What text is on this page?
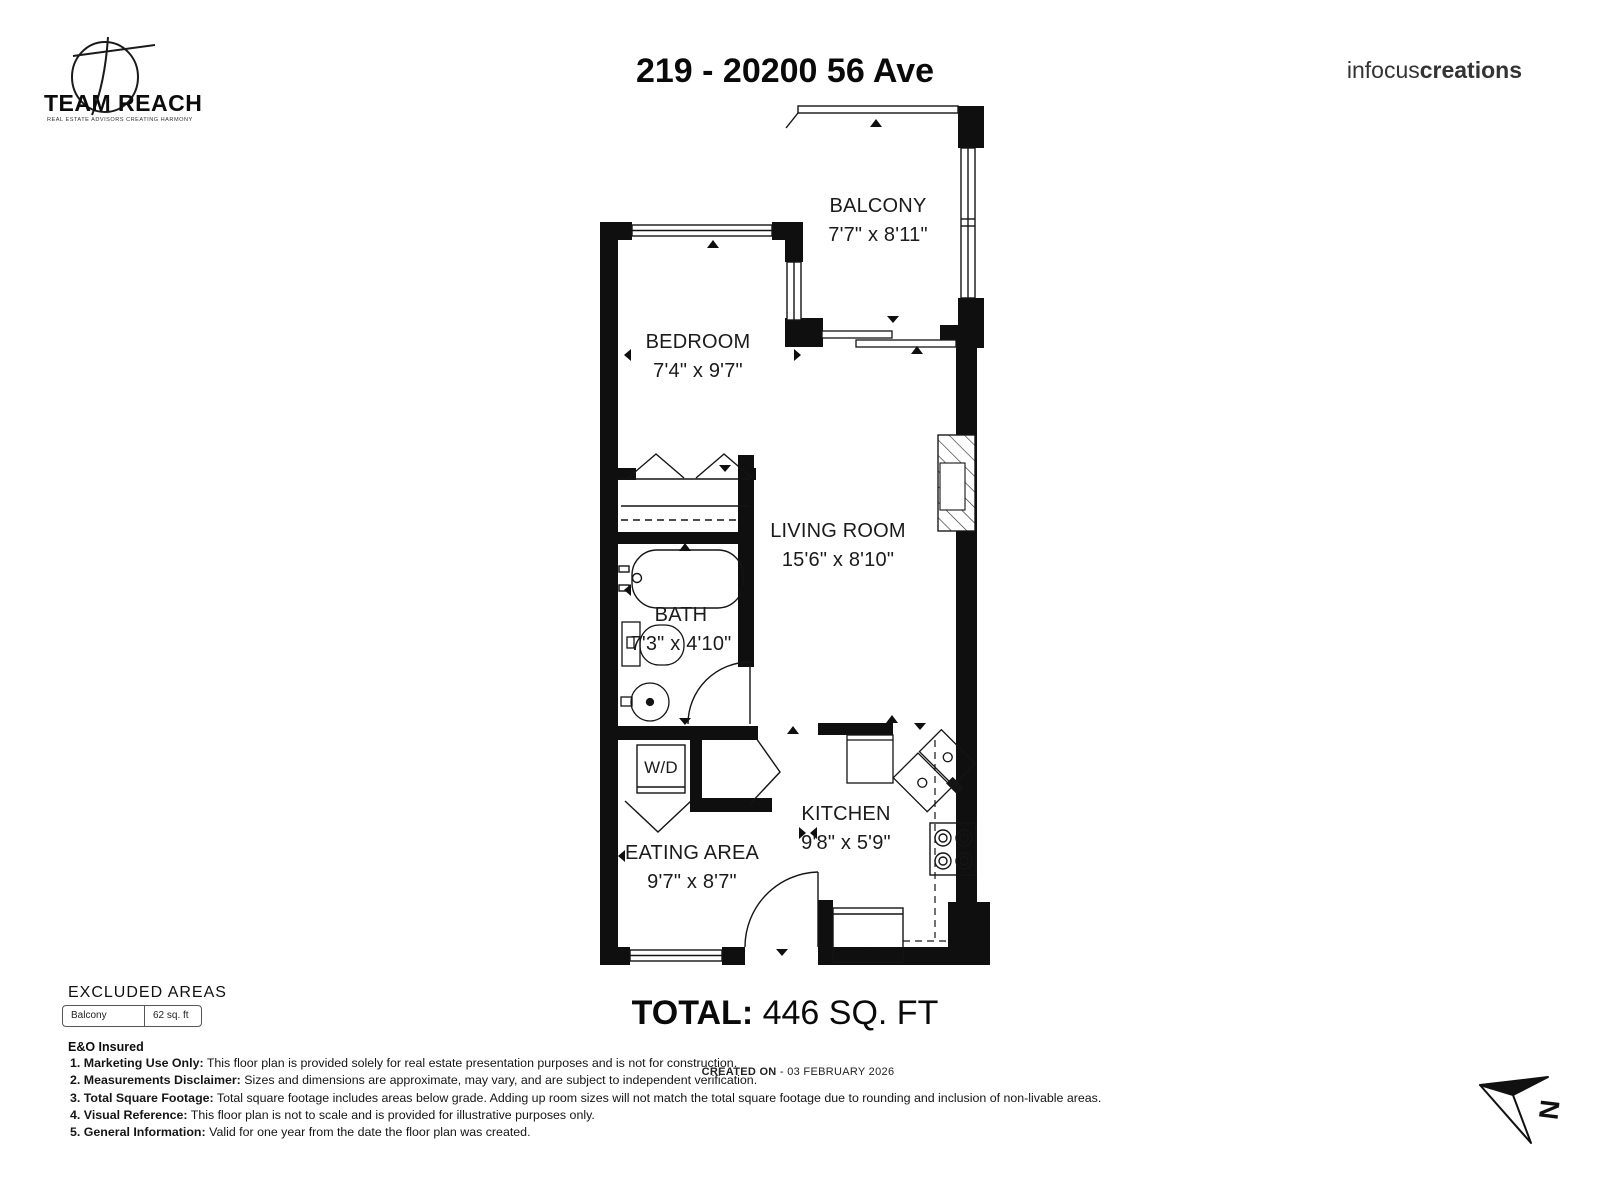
TEAM REACH
REAL ESTATE ADVISORS CREATING HARMONY
219 - 20200 56 Ave	infocuscreations
BALCONY
7'7" x 8'11"
BEDROOM
7'4" x 9'7"
LIVING ROOM
15'6" x 8'10"
BATH
7'3" x 4'10"
W/D
EATING AREA
9'7" x 8'7"
KITCHEN
9'8" x 5'9"
TOTAL: 446 SQ. FT
CREATED ON - 03 FEBRUARY 2026
EXCLUDED AREAS
Balcony	62 sq. ft
E&O Insured
1. Marketing Use Only: This floor plan is provided solely for real estate presentation purposes and is not for construction.
2. Measurements Disclaimer: Sizes and dimensions are approximate, may vary, and are subject to independent verification.
3. Total Square Footage: Total square footage includes areas below grade. Adding up room sizes will not match the total square footage due to rounding and inclusion of non-livable areas.
4. Visual Reference: This floor plan is not to scale and is provided for illustrative purposes only.
5. General Information: Valid for one year from the date the floor plan was created.
N
